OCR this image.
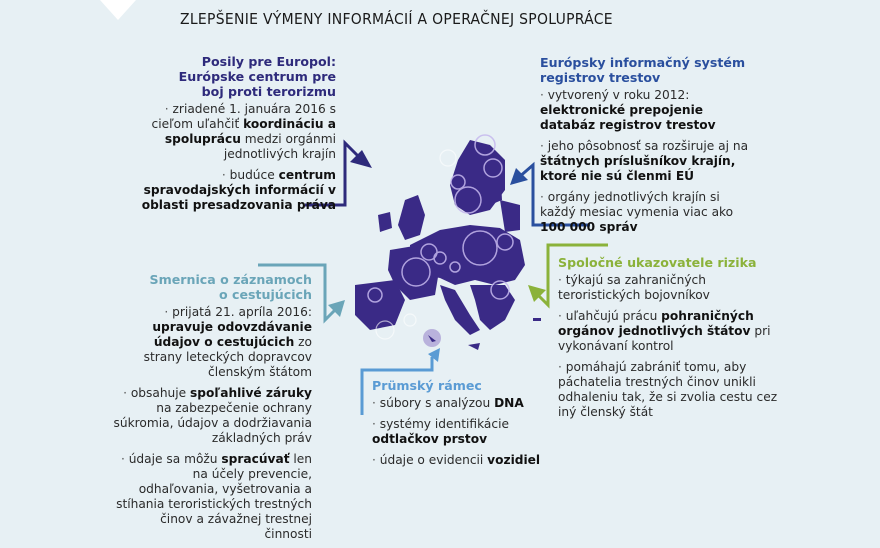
ZLEPŠENIE VÝMENY INFORMÁCIÍ A OPERAČNEJ SPOLUPRÁCE
Posily pre Europol:
Európske centrum pre
boj proti terorizmu
· zriadené 1. januára 2016 s cieľom uľahčiť koordináciu a spoluprácu medzi orgánmi jednotlivých krajín
· budúce centrum spravodajských informácií v oblasti presadzovania práva
Európsky informačný systém
registrov trestov
· vytvorený v roku 2012: elektronické prepojenie databáz registrov trestov
· jeho pôsobnosť sa rozširuje aj na štátnych príslušníkov krajín, ktoré nie sú členmi EÚ
· orgány jednotlivých krajín si každý mesiac vymenia viac ako 100 000 správ
Spoločné ukazovatele rizika
· týkajú sa zahraničných teroristických bojovníkov
· uľahčujú prácu pohraničných orgánov jednotlivých štátov pri vykonávaní kontrol
· pomáhajú zabrániť tomu, aby páchatelia trestných činov unikli odhaleniu tak, že si zvolia cestu cez iný členský štát
Smernica o záznamoch
o cestujúcich
· prijatá 21. apríla 2016: upravuje odovzdávanie údajov o cestujúcich zo strany leteckých dopravcov členským štátom
· obsahuje spoľahlivé záruky na zabezpečenie ochrany súkromia, údajov a dodržiavania základných práv
· údaje sa môžu spracúvať len na účely prevencie, odhaľovania, vyšetrovania a stíhania teroristických trestných činov a závažnej trestnej činnosti
Prümský rámec
· súbory s analýzou DNA
· systémy identifikácie odtlačkov prstov
· údaje o evidencii vozidiel
